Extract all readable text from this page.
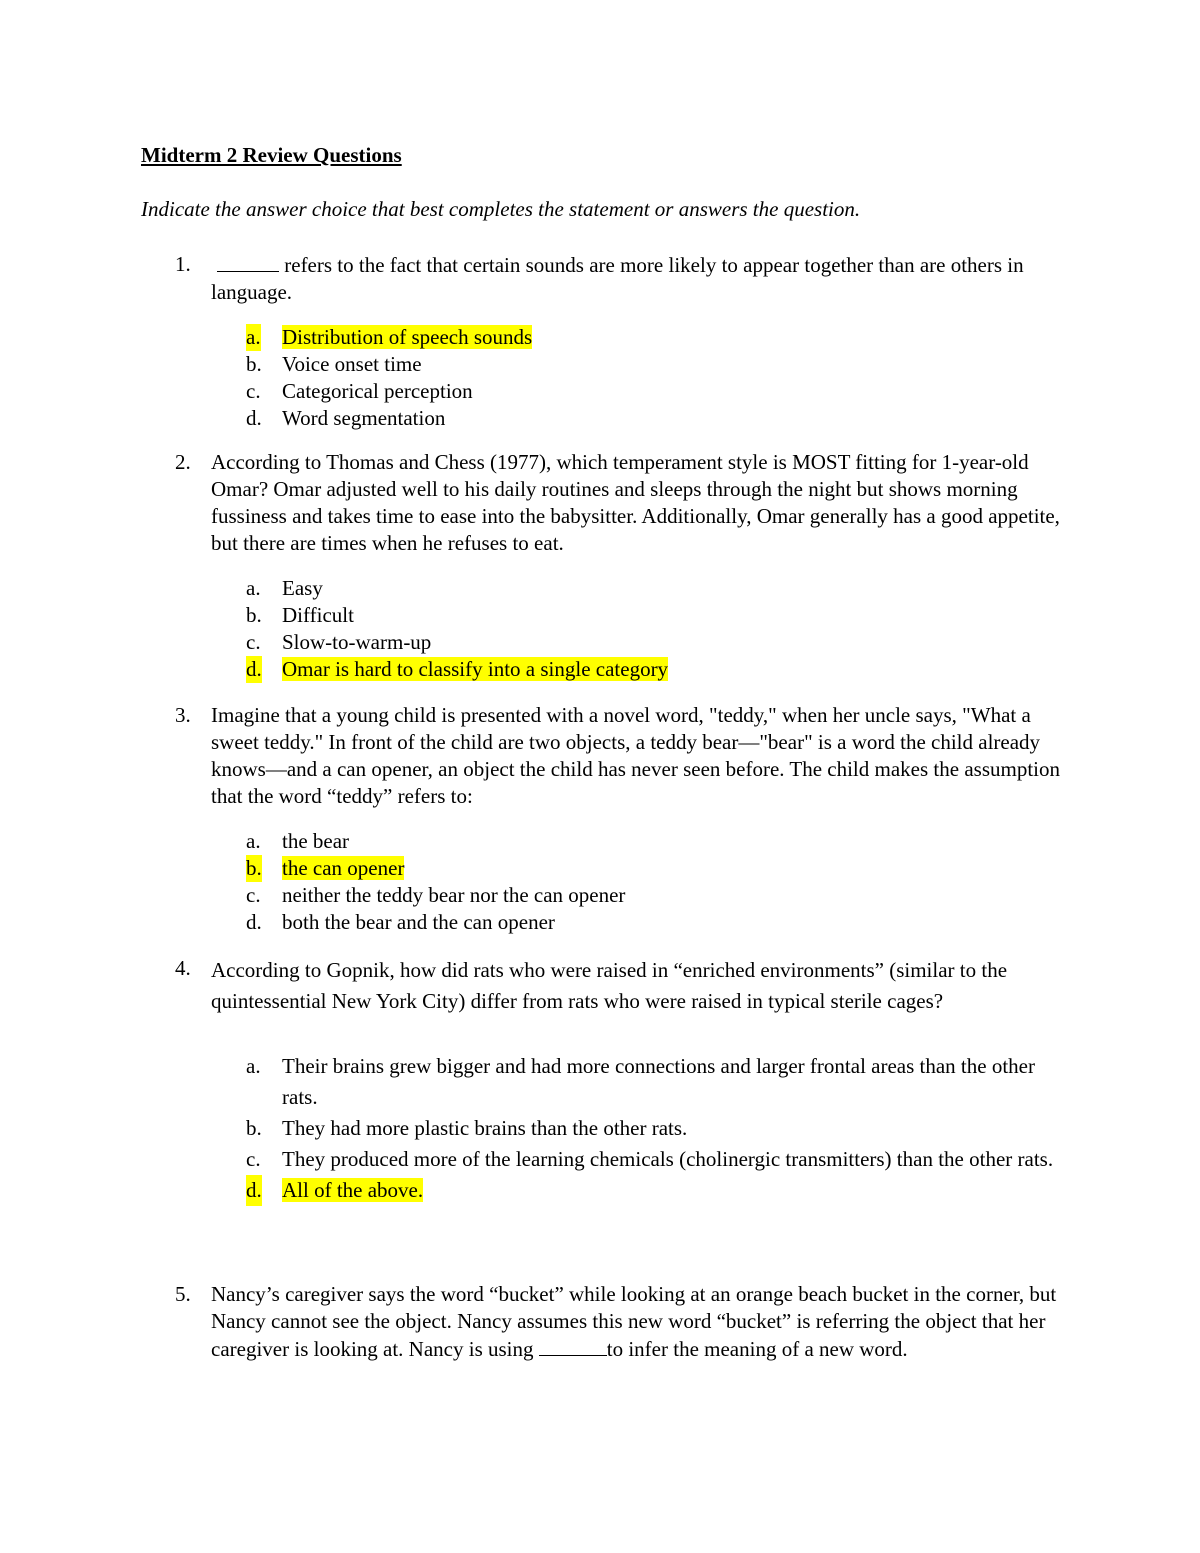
Midterm 2 Review Questions
Indicate the answer choice that best completes the statement or answers the question.
1.	refers to the fact that certain sounds are more likely to appear together than are others in language.
a. Distribution of speech sounds
b. Voice onset time
c. Categorical perception
d. Word segmentation
2. According to Thomas and Chess (1977), which temperament style is MOST fitting for 1-year-old Omar? Omar adjusted well to his daily routines and sleeps through the night but shows morning fussiness and takes time to ease into the babysitter. Additionally, Omar generally has a good appetite, but there are times when he refuses to eat.
a. Easy
b. Difficult
c. Slow-to-warm-up
d. Omar is hard to classify into a single category
3. Imagine that a young child is presented with a novel word, "teddy," when her uncle says, "What a sweet teddy." In front of the child are two objects, a teddy bear—"bear" is a word the child already knows—and a can opener, an object the child has never seen before. The child makes the assumption that the word “teddy” refers to:
a. the bear
b. the can opener
c. neither the teddy bear nor the can opener
d. both the bear and the can opener
4. According to Gopnik, how did rats who were raised in “enriched environments” (similar to the quintessential New York City) differ from rats who were raised in typical sterile cages?
a. Their brains grew bigger and had more connections and larger frontal areas than the other rats.
b. They had more plastic brains than the other rats.
c. They produced more of the learning chemicals (cholinergic transmitters) than the other rats.
d. All of the above.
5. Nancy’s caregiver says the word “bucket” while looking at an orange beach bucket in the corner, but Nancy cannot see the object. Nancy assumes this new word “bucket” is referring the object that her caregiver is looking at. Nancy is using	to infer the meaning of a new word.
